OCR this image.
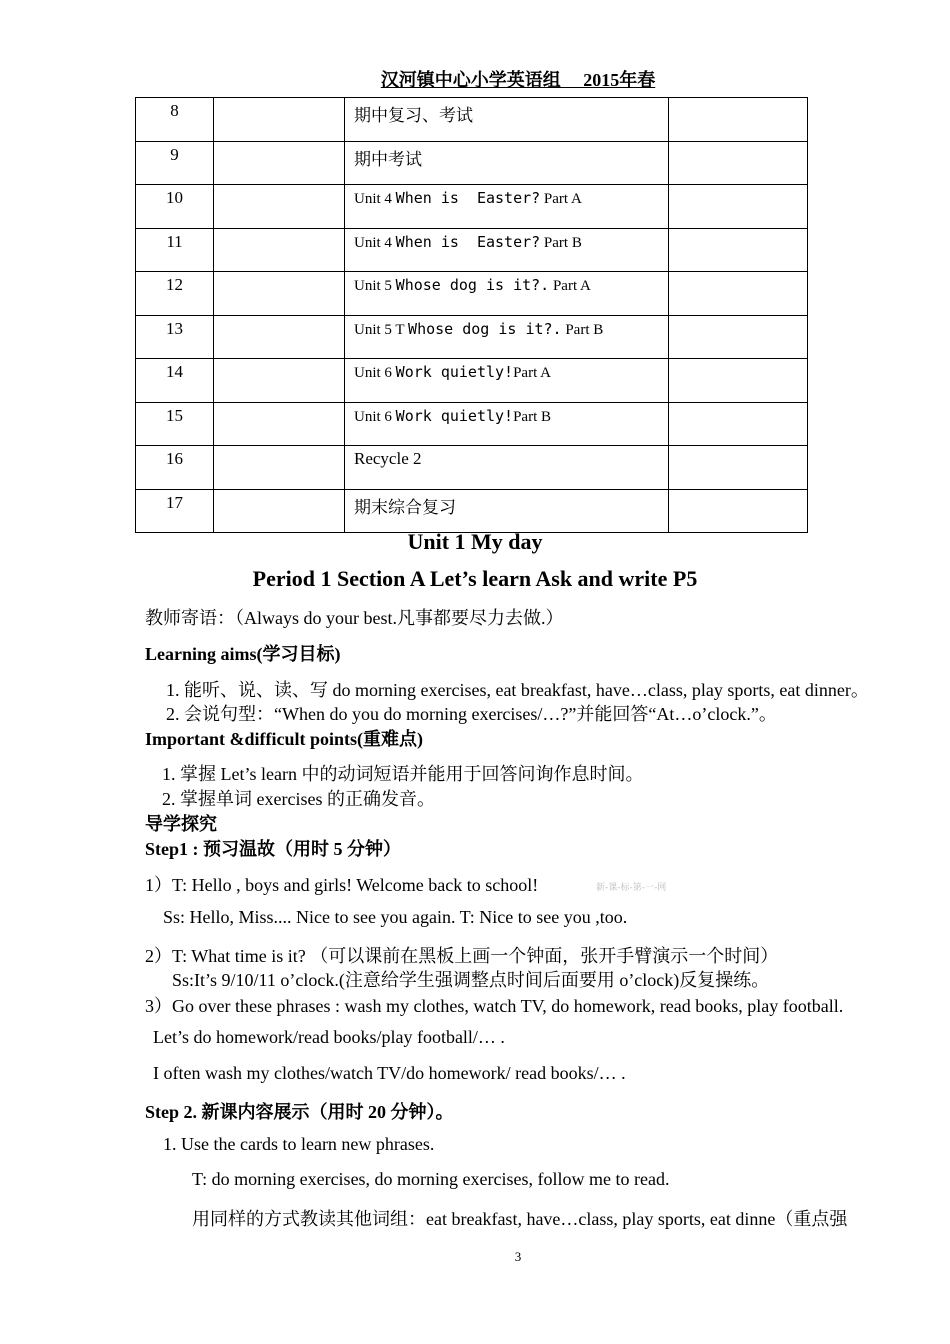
汉河镇中心小学英语组　 2015年春
8		期中复习、考试	
9		期中考试	
10		Unit 4 When is  Easter? Part A	
11		Unit 4 When is  Easter? Part B	
12		Unit 5 Whose dog is it?. Part A	
13		Unit 5 T Whose dog is it?. Part B	
14		Unit 6 Work quietly!Part A	
15		Unit 6 Work quietly!Part B	
16		Recycle 2	
17		期末综合复习	
Unit 1 My day
Period 1 Section A Let’s learn Ask and write P5
教师寄语：（Always do your best.凡事都要尽力去做.）
Learning aims(学习目标)
1. 能听、说、读、写 do morning exercises, eat breakfast, have…class, play sports, eat dinner。
2. 会说句型：“When do you do morning exercises/…?”并能回答“At…o’clock.”。
Important &difficult points(重难点)
1. 掌握 Let’s learn 中的动词短语并能用于回答问询作息时间。
2. 掌握单词 exercises 的正确发音。
导学探究
Step1 : 预习温故（用时 5 分钟）
1）T: Hello , boys and girls! Welcome back to school!	新-课-标-第-一-网
Ss: Hello, Miss.... Nice to see you again. T: Nice to see you ,too.
2）T: What time is it? （可以课前在黑板上画一个钟面，张开手臂演示一个时间）
Ss:It’s 9/10/11 o’clock.(注意给学生强调整点时间后面要用 o’clock)反复操练。
3）Go over these phrases : wash my clothes, watch TV, do homework, read books, play football.
Let’s do homework/read books/play football/… .
I often wash my clothes/watch TV/do homework/ read books/… .
Step 2. 新课内容展示（用时 20 分钟）。
1. Use the cards to learn new phrases.
T: do morning exercises, do morning exercises, follow me to read.
用同样的方式教读其他词组：eat breakfast, have…class, play sports, eat dinne（重点强
3
